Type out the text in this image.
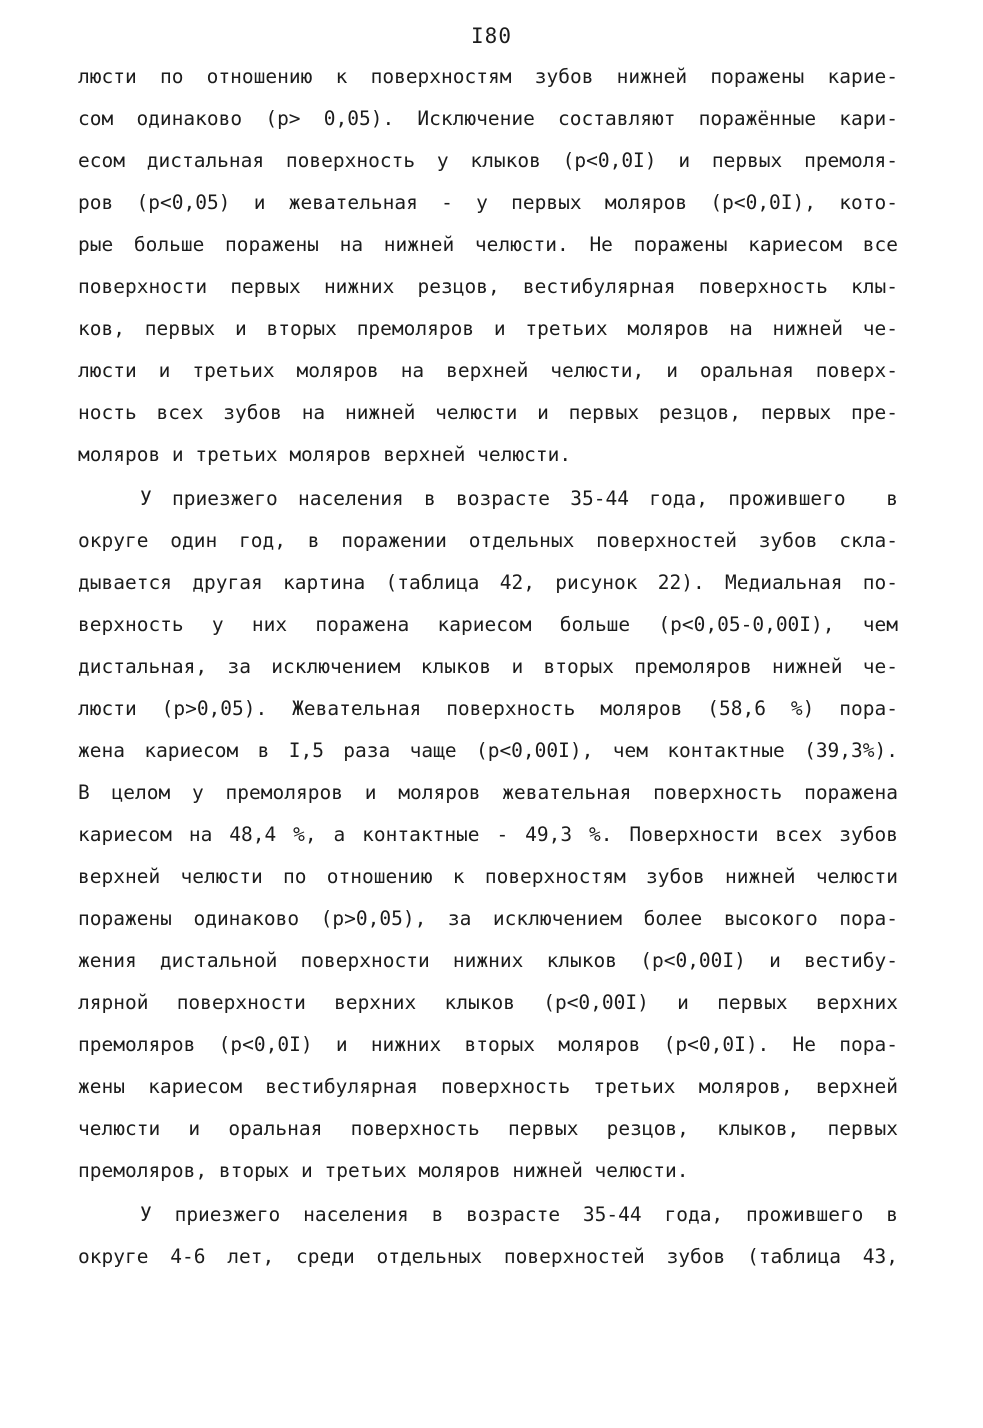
I80
люсти по отношению к поверхностям зубов нижней поражены карие-
сом одинаково (р> 0,05). Исключение составляют поражённые кари-
есом дистальная поверхность у клыков (р<0,0I) и первых премоля-
ров (р<0,05) и жевательная - у первых моляров (р<0,0I), кото-
рые больше поражены на нижней челюсти. Не поражены кариесом все
поверхности первых нижних резцов, вестибулярная поверхность клы-
ков, первых и вторых премоляров и третьих моляров на нижней че-
люсти и третьих моляров на верхней челюсти, и оральная поверх-
ность всех зубов на нижней челюсти и первых резцов, первых пре-
моляров и третьих моляров верхней челюсти.
У приезжего населения в возрасте 35-44 года, прожившего  в
округе один год, в поражении отдельных поверхностей зубов скла-
дывается другая картина (таблица 42, рисунок 22). Медиальная по-
верхность у них поражена кариесом больше (р<0,05-0,00I), чем
дистальная, за исключением клыков и вторых премоляров нижней че-
люсти (р>0,05). Жевательная поверхность моляров (58,6 %) пора-
жена кариесом в I,5 раза чаще (р<0,00I), чем контактные (39,3%).
В целом у премоляров и моляров жевательная поверхность поражена
кариесом на 48,4 %, а контактные - 49,3 %. Поверхности всех зубов
верхней челюсти по отношению к поверхностям зубов нижней челюсти
поражены одинаково (р>0,05), за исключением более высокого пора-
жения дистальной поверхности нижних клыков (р<0,00I) и вестибу-
лярной поверхности верхних клыков (р<0,00I) и первых верхних
премоляров (р<0,0I) и нижних вторых моляров (р<0,0I). Не пора-
жены кариесом вестибулярная поверхность третьих моляров, верхней
челюсти и оральная поверхность первых резцов, клыков, первых
премоляров, вторых и третьих моляров нижней челюсти.
У приезжего населения в возрасте 35-44 года, прожившего в
округе 4-6 лет, среди отдельных поверхностей зубов (таблица 43,
